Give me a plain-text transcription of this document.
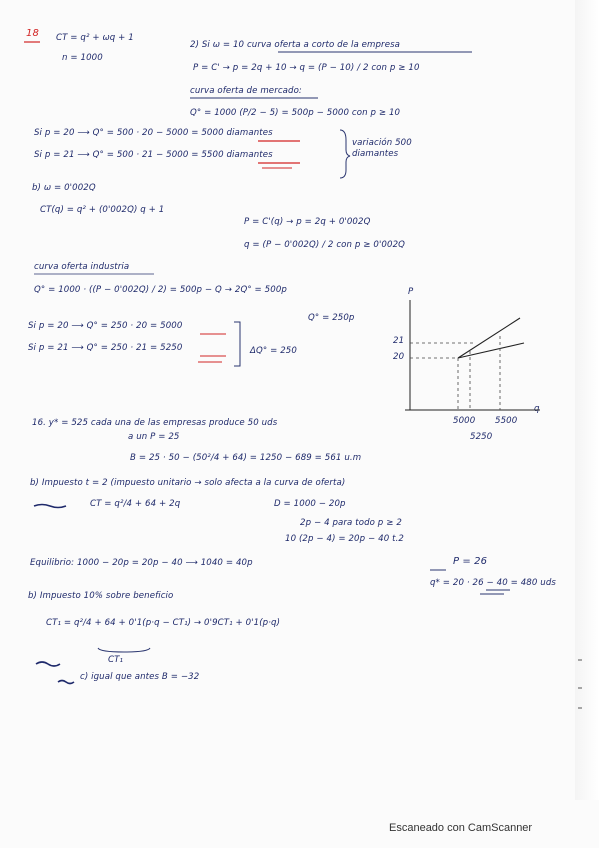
18 CT = q² + ωq + 1
n = 1000
2) Si ω = 10 curva oferta a corto de la empresa
P = C' → p = 2q + 10 → q = (P − 10) / 2 con p ≥ 10
curva oferta de mercado:
Q° = 1000 (P/2 − 5) = 500p − 5000 con p ≥ 10
Si p = 20 ⟶ Q° = 500 · 20 − 5000 = 5000 diamantes
Si p = 21 ⟶ Q° = 500 · 21 − 5000 = 5500 diamantes
variación 500 diamantes
b) ω = 0'002Q
CT(q) = q² + (0'002Q) q + 1
P = C'(q) → p = 2q + 0'002Q
q = (P − 0'002Q) / 2 con p ≥ 0'002Q
curva oferta industria
Q° = 1000 · ((P − 0'002Q) / 2) = 500p − Q → 2Q° = 500p
Q° = 250p
Si p = 20 ⟶ Q° = 250 · 20 = 5000
Si p = 21 ⟶ Q° = 250 · 21 = 5250	ΔQ° = 250
P
q
21
20
5000 5500
5250
16. y* = 525 cada una de las empresas produce 50 uds
a un P = 25
B = 25 · 50 − (50²/4 + 64) = 1250 − 689 = 561 u.m
b) Impuesto t = 2 (impuesto unitario → solo afecta a la curva de oferta)
CT = q²/4 + 64 + 2q	D = 1000 − 20p
2p − 4 para todo p ≥ 2
10 (2p − 4) = 20p − 40 t.2
Equilibrio: 1000 − 20p = 20p − 40 ⟶ 1040 = 40p	P = 26
q* = 20 · 26 − 40 = 480 uds
b) Impuesto 10% sobre beneficio
CT₁ = q²/4 + 64 + 0'1(p·q − CT₁) → 0'9CT₁ + 0'1(p·q)
CT₁
c) igual que antes B = −32
Escaneado con CamScanner
